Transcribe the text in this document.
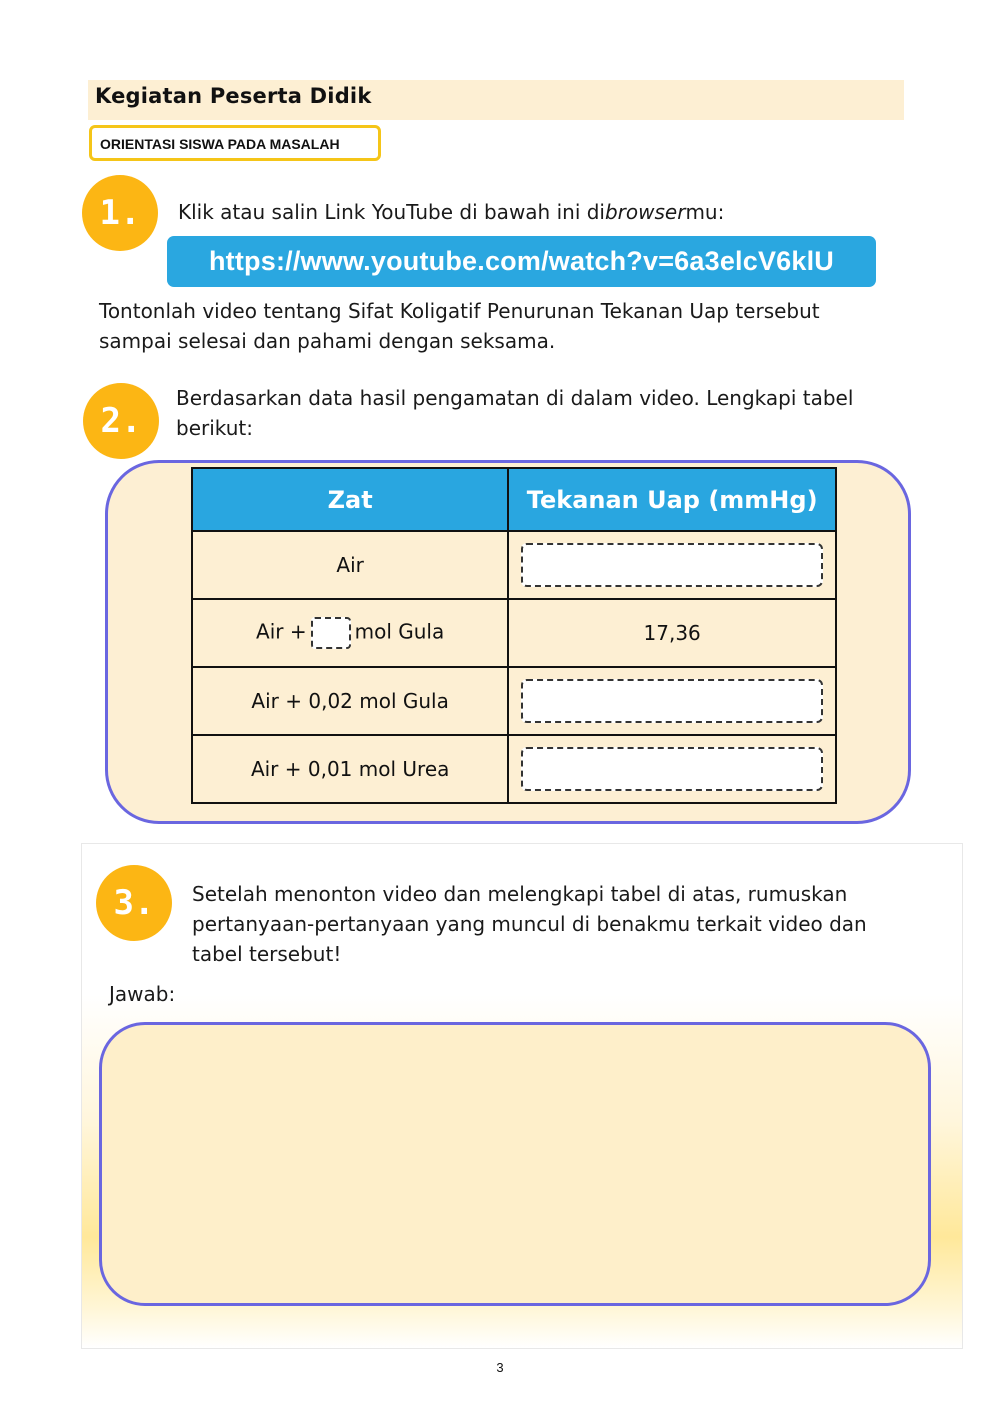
Kegiatan Peserta Didik
ORIENTASI SISWA PADA MASALAH
1.	Klik atau salin Link YouTube di bawah ini dibrowsermu:
https://www.youtube.com/watch?v=6a3elcV6klU
Tontonlah video tentang Sifat Koligatif Penurunan Tekanan Uap tersebut
sampai selesai dan pahami dengan seksama.
2.
Berdasarkan data hasil pengamatan di dalam video. Lengkapi tabel
berikut:
Zat	Tekanan Uap (mmHg)
Air	
Air + mol Gula	17,36
Air + 0,02 mol Gula	
Air + 0,01 mol Urea	
3.	Setelah menonton video dan melengkapi tabel di atas, rumuskan
pertanyaan-pertanyaan yang muncul di benakmu terkait video dan
tabel tersebut!
Jawab:
3
